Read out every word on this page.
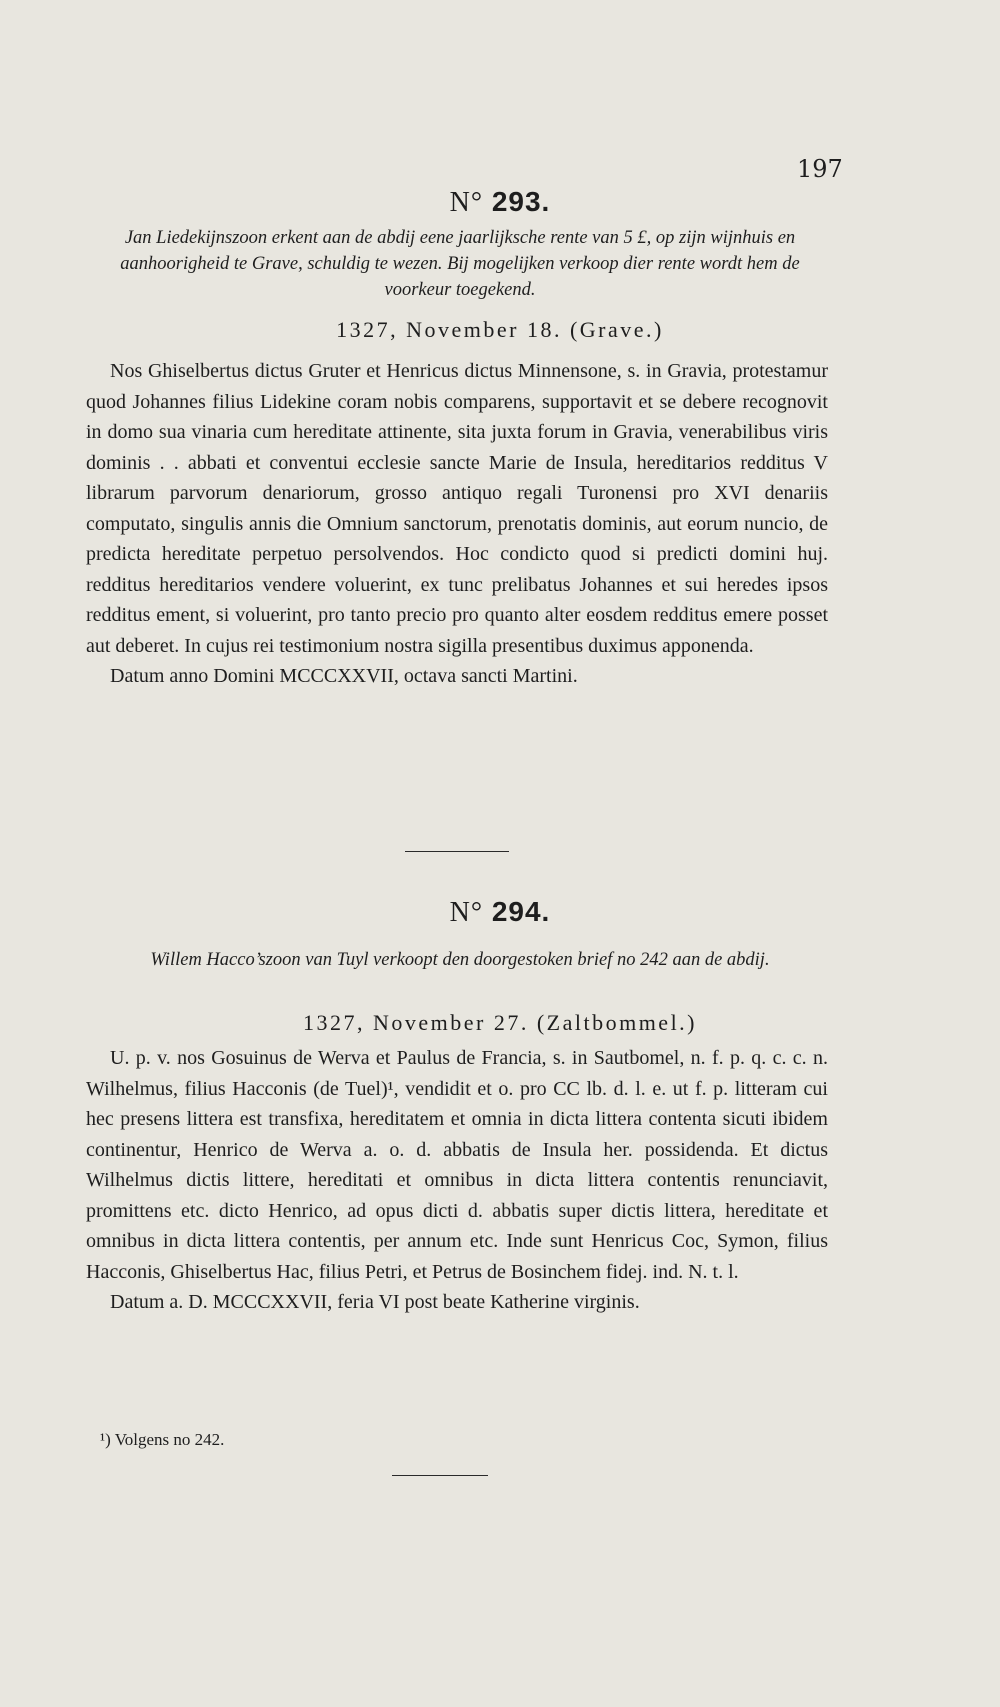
197
N° 293.
Jan Liedekijnszoon erkent aan de abdij eene jaarlijksche rente van 5 £, op zijn wijnhuis en aanhoorigheid te Grave, schuldig te wezen. Bij mogelijken verkoop dier rente wordt hem de voorkeur toegekend.
1327, November 18. (Grave.)

Nos Ghiselbertus dictus Gruter et Henricus dictus Minnensone, s. in Gravia, protestamur quod Johannes filius Lidekine coram nobis comparens, supportavit et se debere recognovit in domo sua vinaria cum hereditate attinente, sita juxta forum in Gravia, venerabilibus viris dominis . . abbati et conventui ecclesie sancte Marie de Insula, hereditarios redditus V librarum parvorum denariorum, grosso antiquo regali Turonensi pro XVI denariis computato, singulis annis die Omnium sanctorum, prenotatis dominis, aut eorum nuncio, de predicta hereditate perpetuo persolvendos. Hoc condicto quod si predicti domini huj. redditus hereditarios vendere voluerint, ex tunc prelibatus Johannes et sui heredes ipsos redditus ement, si voluerint, pro tanto precio pro quanto alter eosdem redditus emere posset aut deberet. In cujus rei testimonium nostra sigilla presentibus duximus apponenda.

Datum anno Domini MCCCXXVII, octava sancti Martini.

N° 294.
Willem Hacco’szoon van Tuyl verkoopt den doorgestoken brief no 242 aan de abdij.
1327, November 27. (Zaltbommel.)

U. p. v. nos Gosuinus de Werva et Paulus de Francia, s. in Sautbomel, n. f. p. q. c. c. n. Wilhelmus, filius Hacconis (de Tuel)¹, vendidit et o. pro CC lb. d. l. e. ut f. p. litteram cui hec presens littera est transfixa, hereditatem et omnia in dicta littera contenta sicuti ibidem continentur, Henrico de Werva a. o. d. abbatis de Insula her. possidenda. Et dictus Wilhelmus dictis littere, hereditati et omnibus in dicta littera contentis renunciavit, promittens etc. dicto Henrico, ad opus dicti d. abbatis super dictis littera, hereditate et omnibus in dicta littera contentis, per annum etc. Inde sunt Henricus Coc, Symon, filius Hacconis, Ghiselbertus Hac, filius Petri, et Petrus de Bosinchem fidej. ind. N. t. l.

Datum a. D. MCCCXXVII, feria VI post beate Katherine virginis.

¹) Volgens no 242.
